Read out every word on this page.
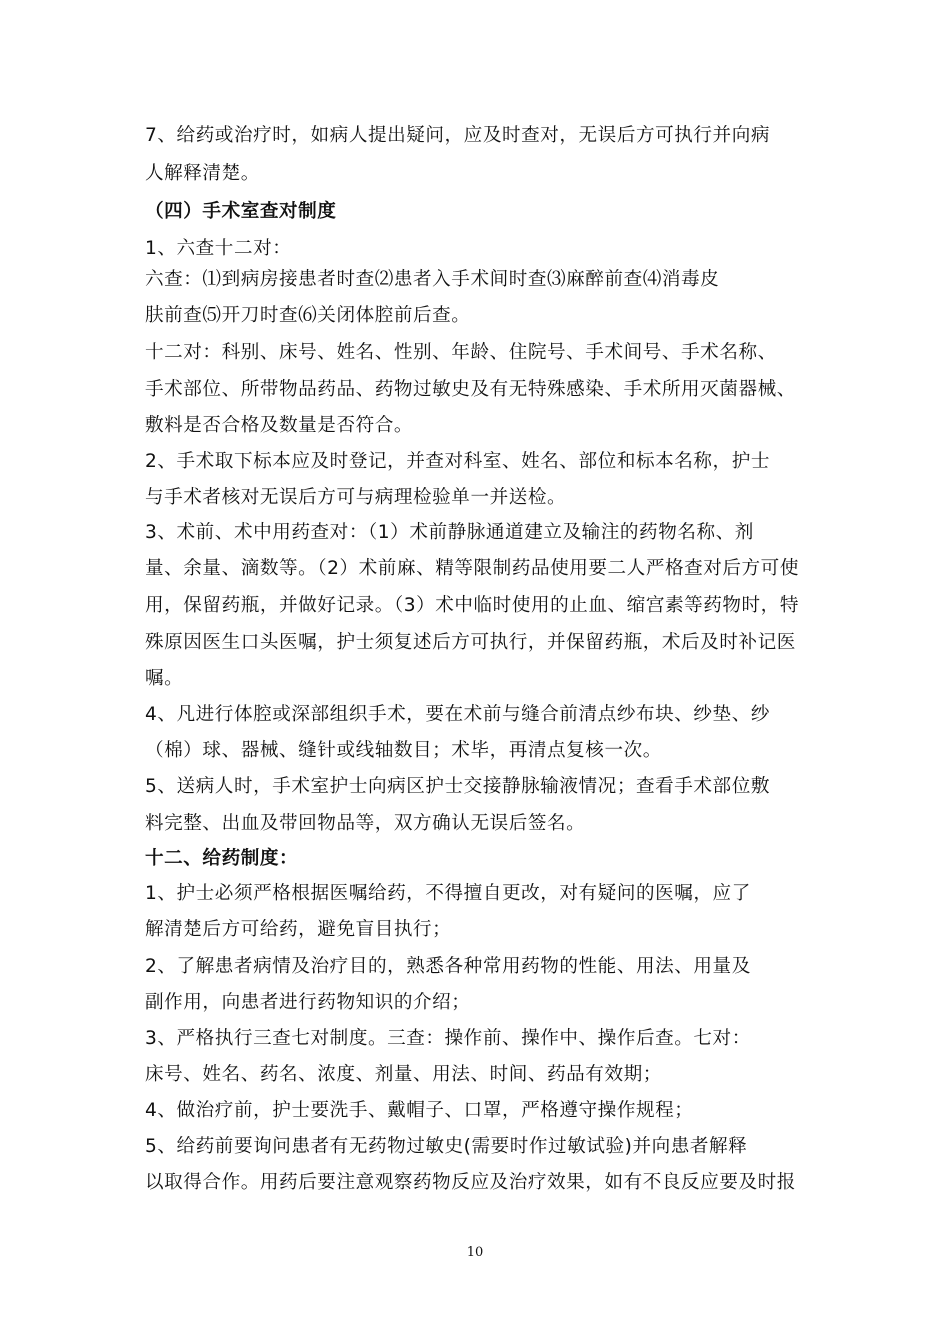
7、给药或治疗时，如病人提出疑问，应及时查对，无误后方可执行并向病
人解释清楚。
（四）手术室查对制度
1、六查十二对：
六查：⑴到病房接患者时查⑵患者入手术间时查⑶麻醉前查⑷消毒皮
肤前查⑸开刀时查⑹关闭体腔前后查。
十二对：科别、床号、姓名、性别、年龄、住院号、手术间号、手术名称、
手术部位、所带物品药品、药物过敏史及有无特殊感染、手术所用灭菌器械、
敷料是否合格及数量是否符合。
2、手术取下标本应及时登记，并查对科室、姓名、部位和标本名称，护士
与手术者核对无误后方可与病理检验单一并送检。
3、术前、术中用药查对：（1）术前静脉通道建立及输注的药物名称、剂
量、余量、滴数等。（2）术前麻、精等限制药品使用要二人严格查对后方可使
用，保留药瓶，并做好记录。（3）术中临时使用的止血、缩宫素等药物时，特
殊原因医生口头医嘱，护士须复述后方可执行，并保留药瓶，术后及时补记医
嘱。
4、凡进行体腔或深部组织手术，要在术前与缝合前清点纱布块、纱垫、纱
（棉）球、器械、缝针或线轴数目；术毕，再清点复核一次。
5、送病人时，手术室护士向病区护士交接静脉输液情况；查看手术部位敷
料完整、出血及带回物品等，双方确认无误后签名。
十二、给药制度：
1、护士必须严格根据医嘱给药，不得擅自更改，对有疑问的医嘱，应了
解清楚后方可给药，避免盲目执行；
2、了解患者病情及治疗目的，熟悉各种常用药物的性能、用法、用量及
副作用，向患者进行药物知识的介绍；
3、严格执行三查七对制度。三查：操作前、操作中、操作后查。七对：
床号、姓名、药名、浓度、剂量、用法、时间、药品有效期；
4、做治疗前，护士要洗手、戴帽子、口罩，严格遵守操作规程；
5、给药前要询问患者有无药物过敏史(需要时作过敏试验)并向患者解释
以取得合作。用药后要注意观察药物反应及治疗效果，如有不良反应要及时报
10
